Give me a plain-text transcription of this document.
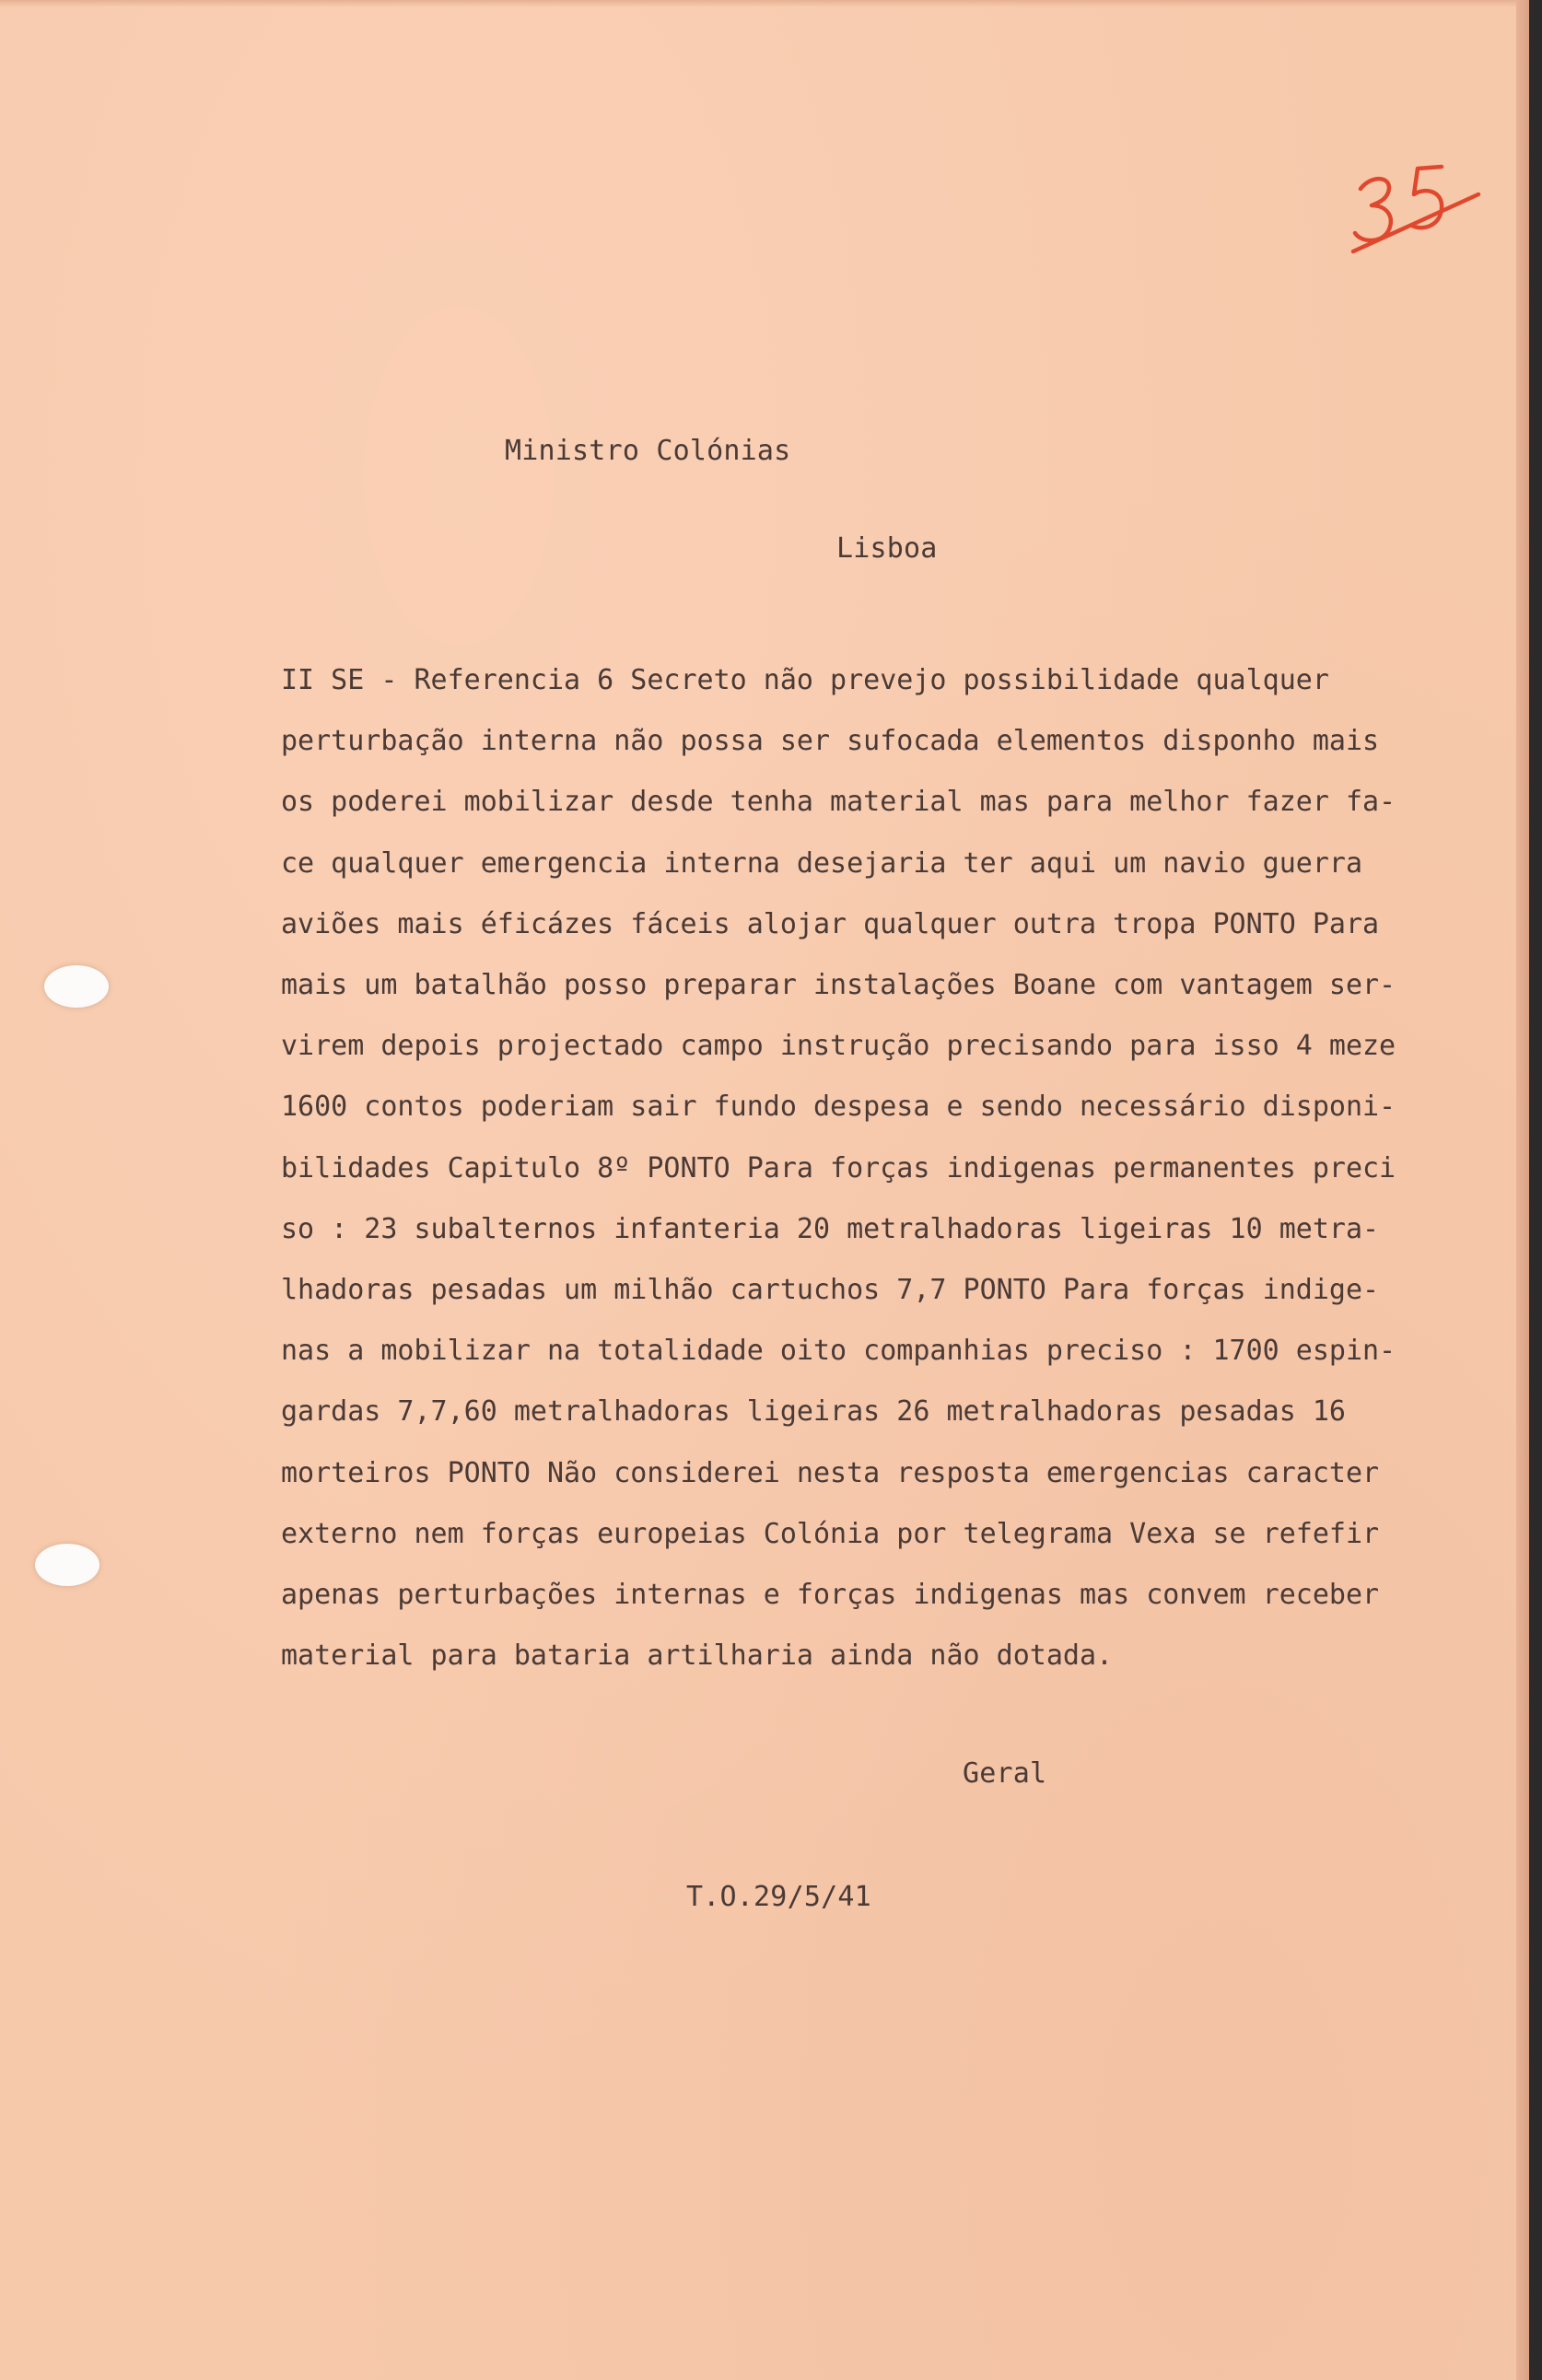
Ministro Colónias
Lisboa
II SE - Referencia 6 Secreto não prevejo possibilidade qualquer
perturbação interna não possa ser sufocada elementos disponho mais
os poderei mobilizar desde tenha material mas para melhor fazer fa-
ce qualquer emergencia interna desejaria ter aqui um navio guerra
aviões mais éficázes fáceis alojar qualquer outra tropa PONTO Para
mais um batalhão posso preparar instalações Boane com vantagem ser-
virem depois projectado campo instrução precisando para isso 4 meze
1600 contos poderiam sair fundo despesa e sendo necessário disponi-
bilidades Capitulo 8º PONTO Para forças indigenas permanentes preci
so : 23 subalternos infanteria 20 metralhadoras ligeiras 10 metra-
lhadoras pesadas um milhão cartuchos 7,7 PONTO Para forças indige-
nas a mobilizar na totalidade oito companhias preciso : 1700 espin-
gardas 7,7,60 metralhadoras ligeiras 26 metralhadoras pesadas 16
morteiros PONTO Não considerei nesta resposta emergencias caracter
externo nem forças europeias Colónia por telegrama Vexa se refefir
apenas perturbações internas e forças indigenas mas convem receber
material para bataria artilharia ainda não dotada.
Geral
T.O.29/5/41
